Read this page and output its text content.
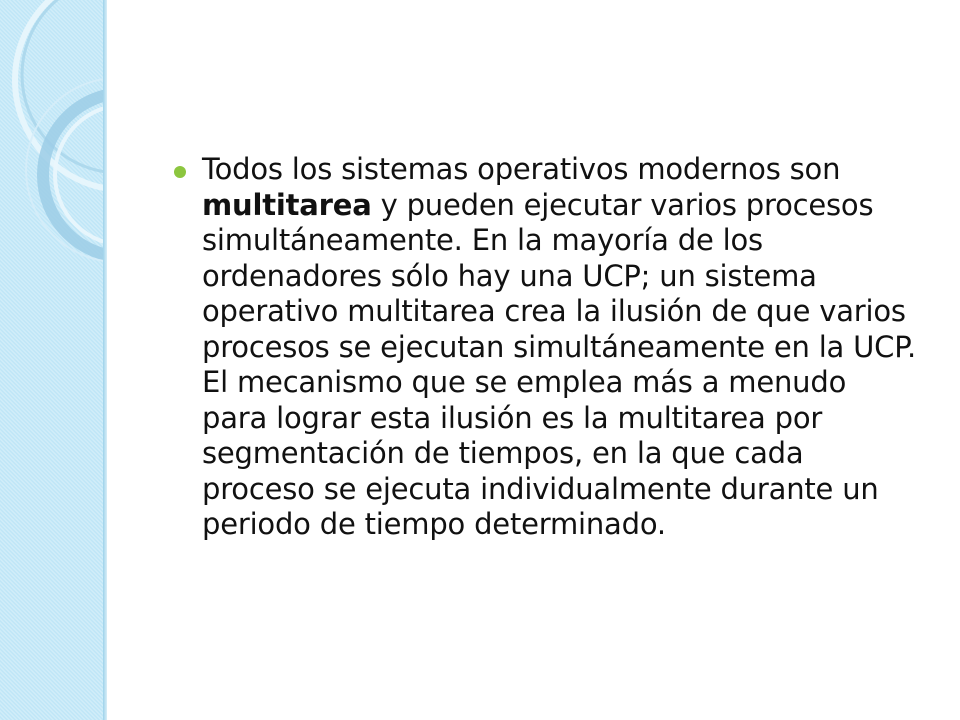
Todos los sistemas operativos modernos son multitarea y pueden ejecutar varios procesos simultáneamente. En la mayoría de los ordenadores sólo hay una UCP; un sistema operativo multitarea crea la ilusión de que varios procesos se ejecutan simultáneamente en la UCP. El mecanismo que se emplea más a menudo para lograr esta ilusión es la multitarea por segmentación de tiempos, en la que cada proceso se ejecuta individualmente durante un periodo de tiempo determinado.
